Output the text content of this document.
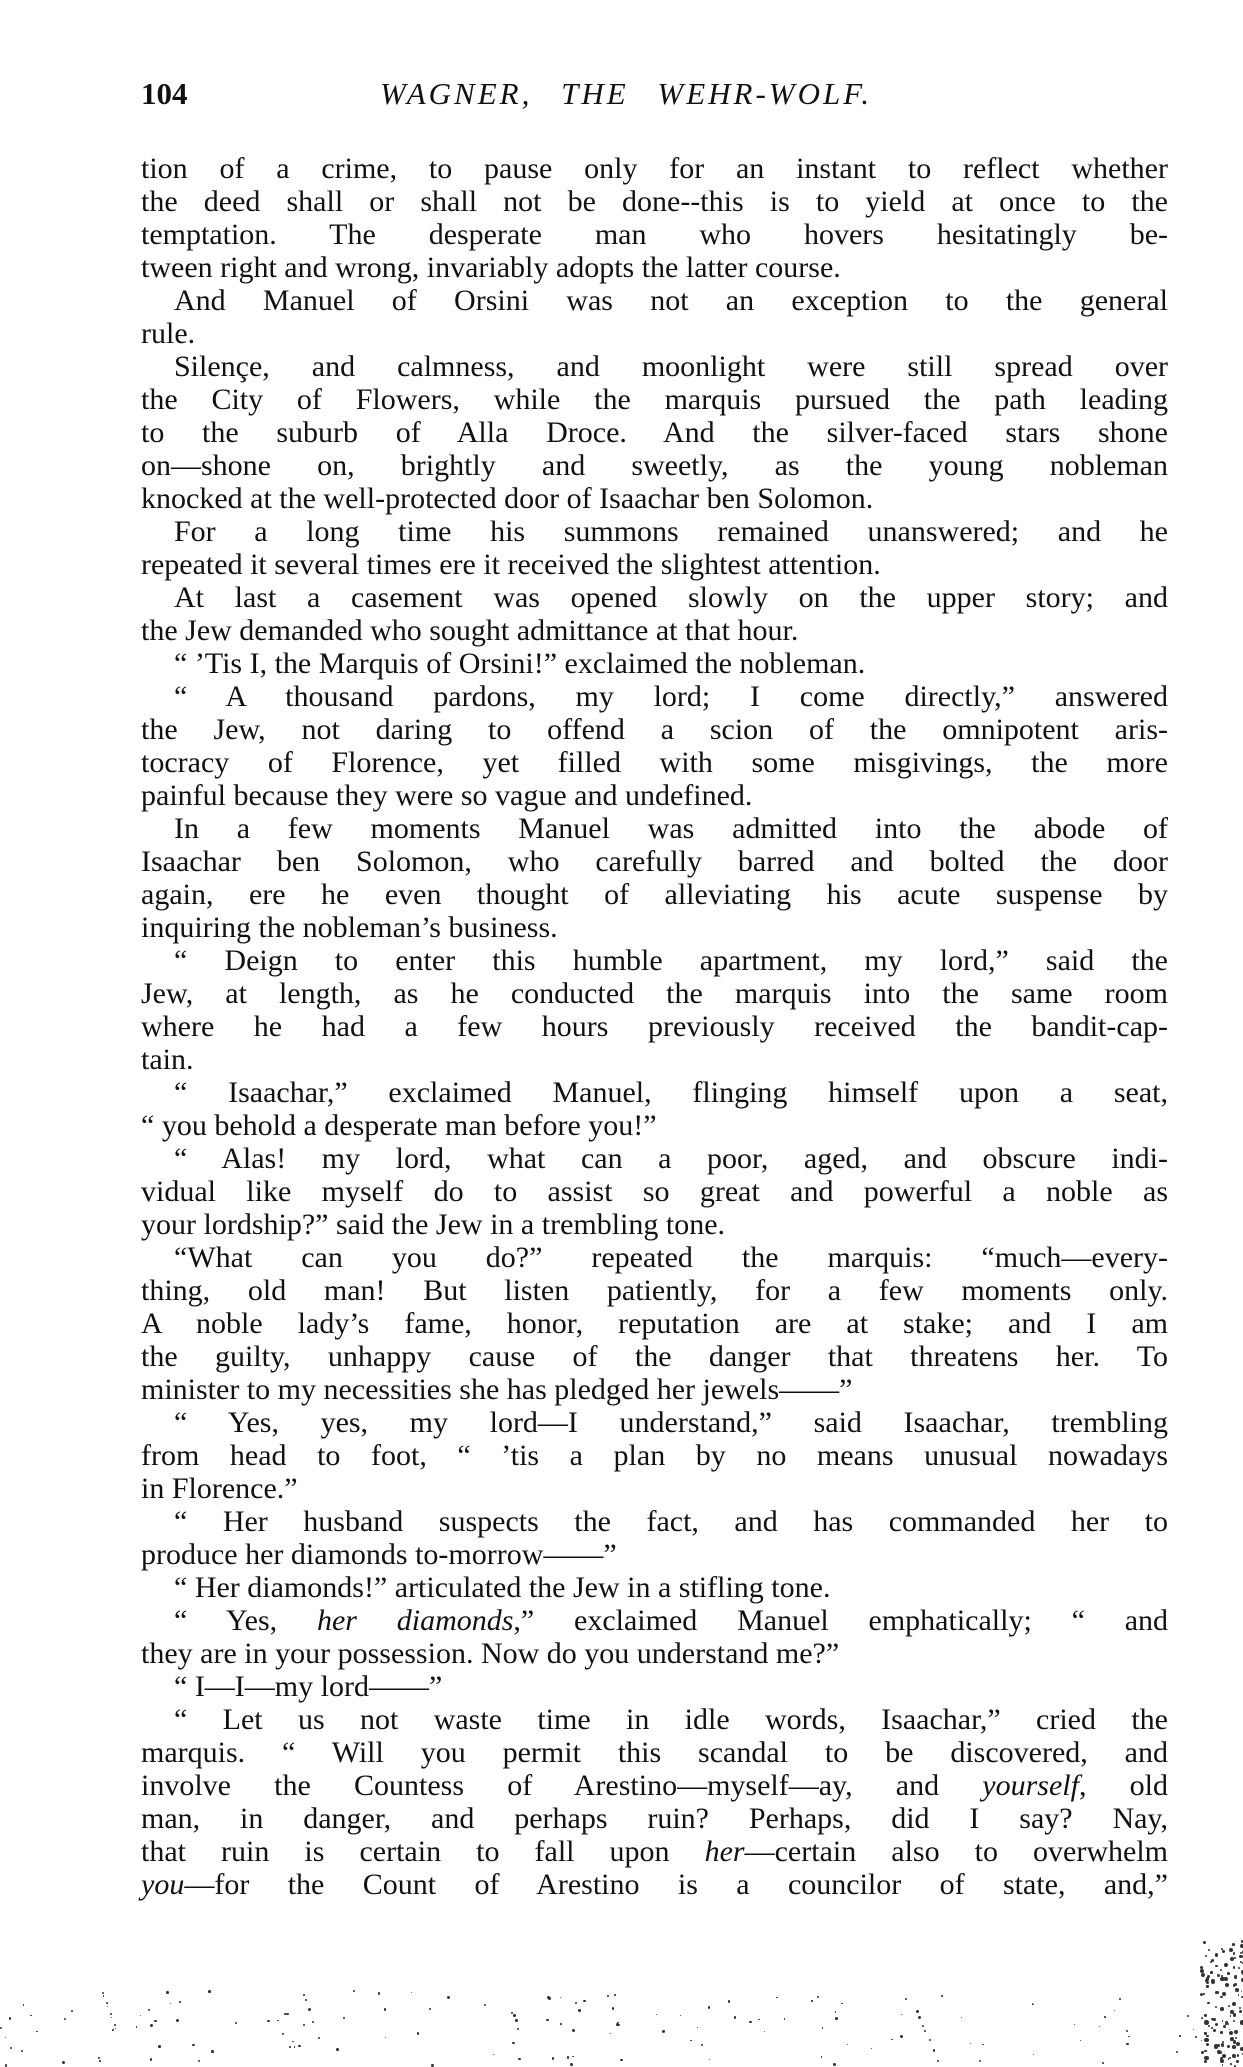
104	WAGNER, THE WEHR-WOLF.
tion of a crime, to pause only for an instant to reflect whether
the deed shall or shall not be done--this is to yield at once to the
temptation. The desperate man who hovers hesitatingly be-
tween right and wrong, invariably adopts the latter course.
And Manuel of Orsini was not an exception to the general
rule.
Silençe, and calmness, and moonlight were still spread over
the City of Flowers, while the marquis pursued the path leading
to the suburb of Alla Droce. And the silver-faced stars shone
on—shone on, brightly and sweetly, as the young nobleman
knocked at the well-protected door of Isaachar ben Solomon.
For a long time his summons remained unanswered; and he
repeated it several times ere it received the slightest attention.
At last a casement was opened slowly on the upper story; and
the Jew demanded who sought admittance at that hour.
“ ’Tis I, the Marquis of Orsini!” exclaimed the nobleman.
“ A thousand pardons, my lord; I come directly,” answered
the Jew, not daring to offend a scion of the omnipotent aris-
tocracy of Florence, yet filled with some misgivings, the more
painful because they were so vague and undefined.
In a few moments Manuel was admitted into the abode of
Isaachar ben Solomon, who carefully barred and bolted the door
again, ere he even thought of alleviating his acute suspense by
inquiring the nobleman’s business.
“ Deign to enter this humble apartment, my lord,” said the
Jew, at length, as he conducted the marquis into the same room
where he had a few hours previously received the bandit-cap-
tain.
“ Isaachar,” exclaimed Manuel, flinging himself upon a seat,
“ you behold a desperate man before you!”
“ Alas! my lord, what can a poor, aged, and obscure indi-
vidual like myself do to assist so great and powerful a noble as
your lordship?” said the Jew in a trembling tone.
“What can you do?” repeated the marquis: “much—every-
thing, old man! But listen patiently, for a few moments only.
A noble lady’s fame, honor, reputation are at stake; and I am
the guilty, unhappy cause of the danger that threatens her. To
minister to my necessities she has pledged her jewels——”
“ Yes, yes, my lord—I understand,” said Isaachar, trembling
from head to foot, “ ’tis a plan by no means unusual nowadays
in Florence.”
“ Her husband suspects the fact, and has commanded her to
produce her diamonds to-morrow——”
“ Her diamonds!” articulated the Jew in a stifling tone.
“ Yes, her diamonds,” exclaimed Manuel emphatically; “ and
they are in your possession. Now do you understand me?”
“ I—I—my lord——”
“ Let us not waste time in idle words, Isaachar,” cried the
marquis. “ Will you permit this scandal to be discovered, and
involve the Countess of Arestino—myself—ay, and yourself, old
man, in danger, and perhaps ruin? Perhaps, did I say? Nay,
that ruin is certain to fall upon her—certain also to overwhelm
you—for the Count of Arestino is a councilor of state, and,”
